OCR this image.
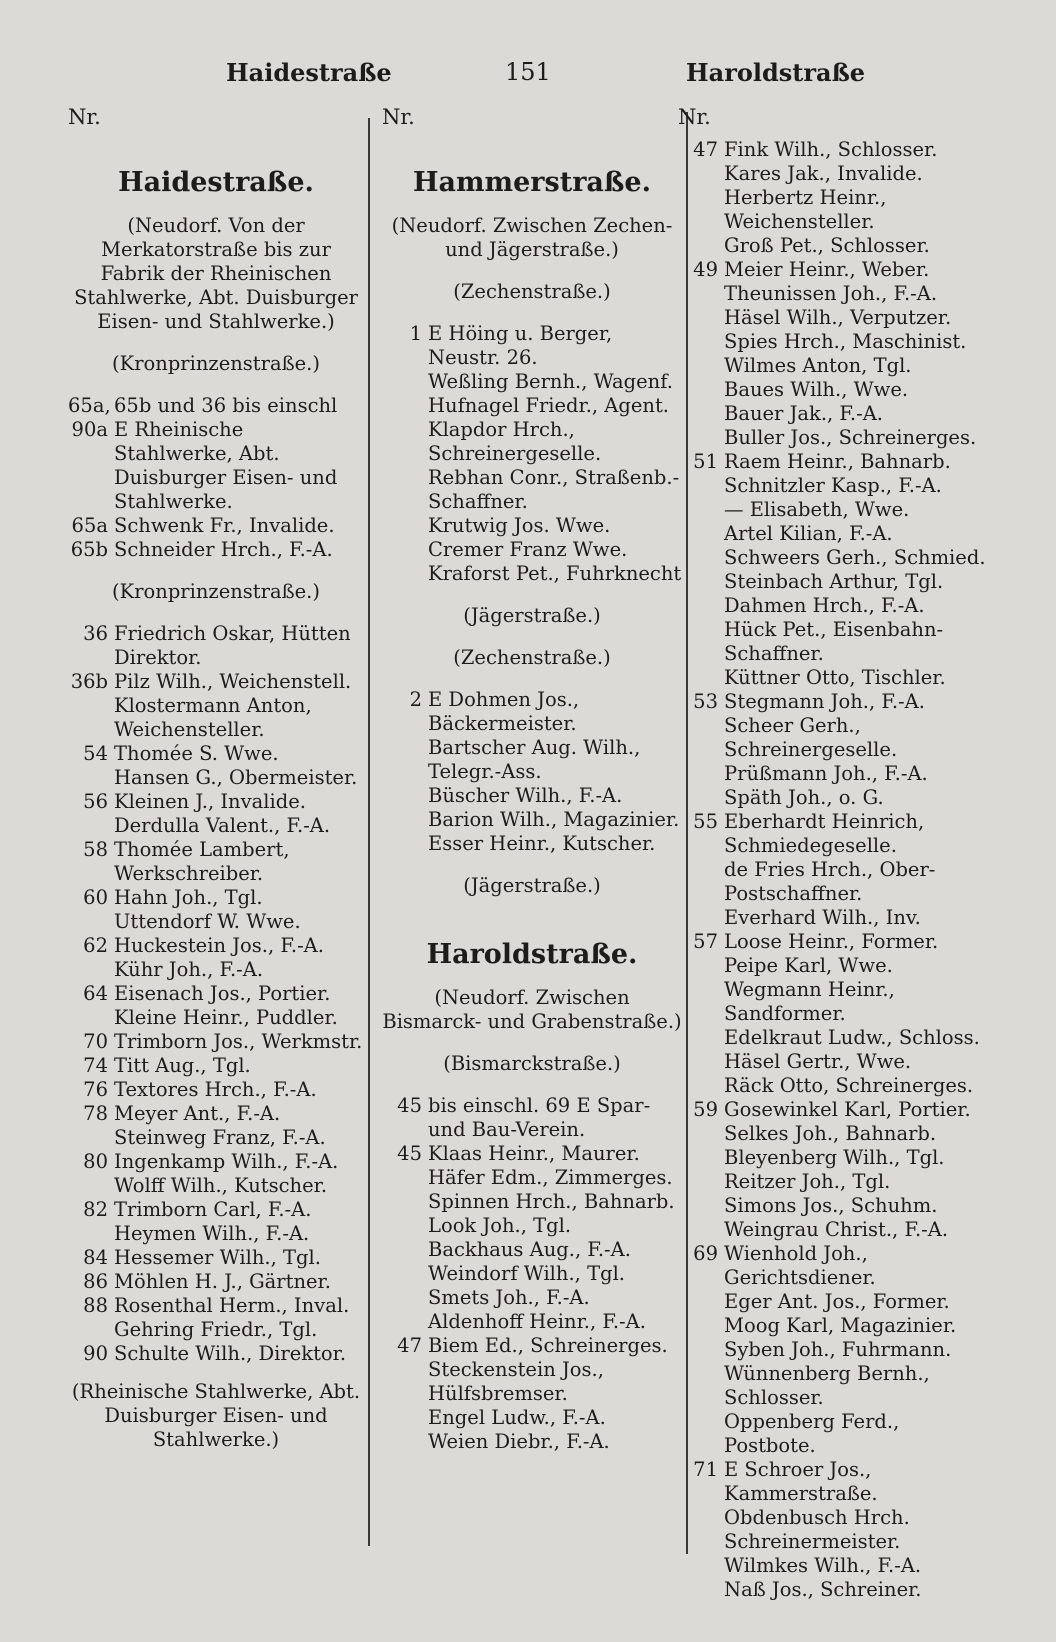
Haidestraße	151	Haroldstraße
Nr.
Haidestraße.
(Neudorf. Von der Merkatorstraße bis zur Fabrik der Rheinischen Stahlwerke, Abt. Duisburger Eisen- und Stahlwerke.)
(Kronprinzenstraße.)
65a, 65b und 36 bis einschl
90a E Rheinische Stahlwerke, Abt. Duisburger Eisen- und Stahlwerke.
65a Schwenk Fr., Invalide.
65b Schneider Hrch., F.-A.
(Kronprinzenstraße.)
36 Friedrich Oskar, Hütten Direktor.
36b Pilz Wilh., Weichenstell.
Klostermann Anton, Weichensteller.
54 Thomée S. Wwe.
Hansen G., Obermeister.
56 Kleinen J., Invalide.
Derdulla Valent., F.-A.
58 Thomée Lambert, Werkschreiber.
60 Hahn Joh., Tgl.
Uttendorf W. Wwe.
62 Huckestein Jos., F.-A.
Kühr Joh., F.-A.
64 Eisenach Jos., Portier.
Kleine Heinr., Puddler.
70 Trimborn Jos., Werkmstr.
74 Titt Aug., Tgl.
76 Textores Hrch., F.-A.
78 Meyer Ant., F.-A.
Steinweg Franz, F.-A.
80 Ingenkamp Wilh., F.-A.
Wolff Wilh., Kutscher.
82 Trimborn Carl, F.-A.
Heymen Wilh., F.-A.
84 Hessemer Wilh., Tgl.
86 Möhlen H. J., Gärtner.
88 Rosenthal Herm., Inval.
Gehring Friedr., Tgl.
90 Schulte Wilh., Direktor.
(Rheinische Stahlwerke, Abt. Duisburger Eisen- und Stahlwerke.)
Nr.
Hammerstraße.
(Neudorf. Zwischen Zechen- und Jägerstraße.)
(Zechenstraße.)
1 E Höing u. Berger, Neustr. 26.
Weßling Bernh., Wagenf.
Hufnagel Friedr., Agent.
Klapdor Hrch., Schreinergeselle.
Rebhan Conr., Straßenb.-Schaffner.
Krutwig Jos. Wwe.
Cremer Franz Wwe.
Kraforst Pet., Fuhrknecht
(Jägerstraße.)
(Zechenstraße.)
2 E Dohmen Jos., Bäckermeister.
Bartscher Aug. Wilh., Telegr.-Ass.
Büscher Wilh., F.-A.
Barion Wilh., Magazinier.
Esser Heinr., Kutscher.
(Jägerstraße.)
Haroldstraße.
(Neudorf. Zwischen Bismarck- und Grabenstraße.)
(Bismarckstraße.)
45 bis einschl. 69 E Spar- und Bau-Verein.
45 Klaas Heinr., Maurer.
Häfer Edm., Zimmerges.
Spinnen Hrch., Bahnarb.
Look Joh., Tgl.
Backhaus Aug., F.-A.
Weindorf Wilh., Tgl.
Smets Joh., F.-A.
Aldenhoff Heinr., F.-A.
47 Biem Ed., Schreinerges.
Steckenstein Jos., Hülfsbremser.
Engel Ludw., F.-A.
Weien Diebr., F.-A.
Nr.
47 Fink Wilh., Schlosser.
Kares Jak., Invalide.
Herbertz Heinr., Weichensteller.
Groß Pet., Schlosser.
49 Meier Heinr., Weber.
Theunissen Joh., F.-A.
Häsel Wilh., Verputzer.
Spies Hrch., Maschinist.
Wilmes Anton, Tgl.
Baues Wilh., Wwe.
Bauer Jak., F.-A.
Buller Jos., Schreinerges.
51 Raem Heinr., Bahnarb.
Schnitzler Kasp., F.-A.
— Elisabeth, Wwe.
Artel Kilian, F.-A.
Schweers Gerh., Schmied.
Steinbach Arthur, Tgl.
Dahmen Hrch., F.-A.
Hück Pet., Eisenbahn-Schaffner.
Küttner Otto, Tischler.
53 Stegmann Joh., F.-A.
Scheer Gerh., Schreinergeselle.
Prüßmann Joh., F.-A.
Späth Joh., o. G.
55 Eberhardt Heinrich, Schmiedegeselle.
de Fries Hrch., Ober-Postschaffner.
Everhard Wilh., Inv.
57 Loose Heinr., Former.
Peipe Karl, Wwe.
Wegmann Heinr., Sandformer.
Edelkraut Ludw., Schloss.
Häsel Gertr., Wwe.
Räck Otto, Schreinerges.
59 Gosewinkel Karl, Portier.
Selkes Joh., Bahnarb.
Bleyenberg Wilh., Tgl.
Reitzer Joh., Tgl.
Simons Jos., Schuhm.
Weingrau Christ., F.-A.
69 Wienhold Joh., Gerichtsdiener.
Eger Ant. Jos., Former.
Moog Karl, Magazinier.
Syben Joh., Fuhrmann.
Wünnenberg Bernh., Schlosser.
Oppenberg Ferd., Postbote.
71 E Schroer Jos., Kammerstraße.
Obdenbusch Hrch. Schreinermeister.
Wilmkes Wilh., F.-A.
Naß Jos., Schreiner.
